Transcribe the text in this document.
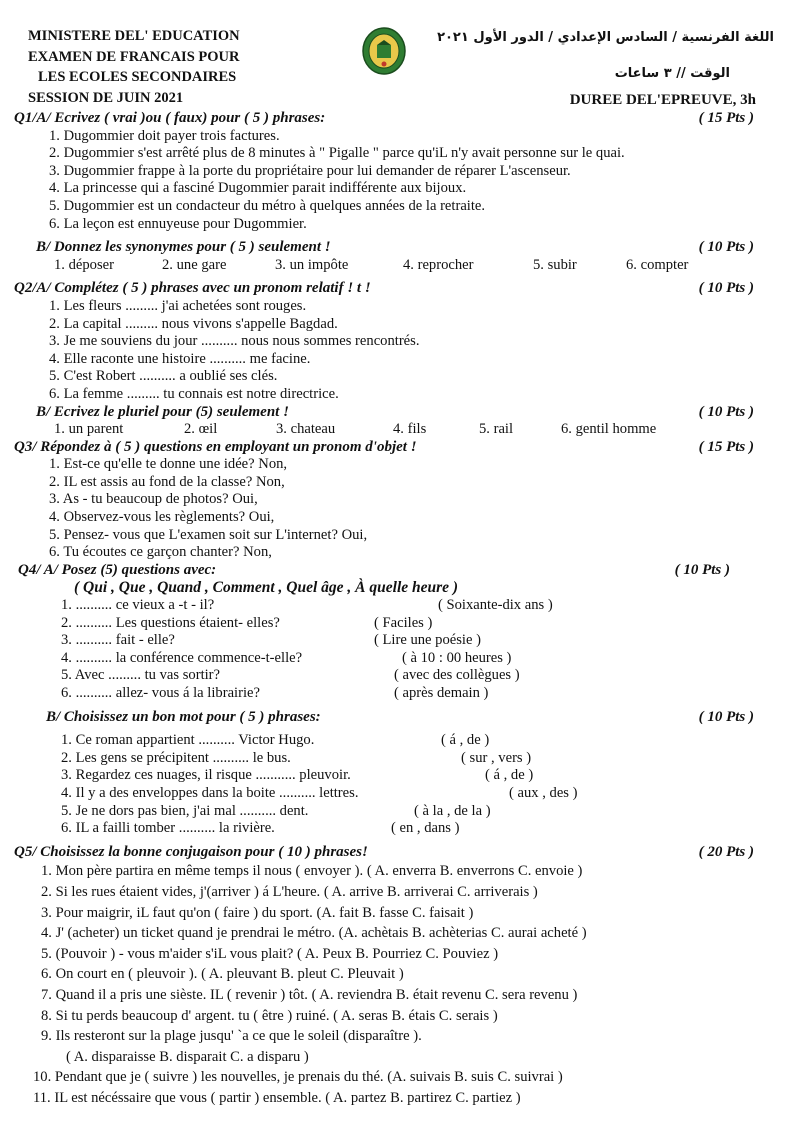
MINISTERE DEL' EDUCATION
EXAMEN DE FRANCAIS POUR
LES ECOLES SECONDAIRES
SESSION DE JUIN 2021
اللغة الفرنسية / السادس الإعدادي / الدور الأول ٢٠٢١
الوقت // ٣ ساعات
DUREE DEL'EPREUVE, 3h
Q1/A/ Ecrivez ( vrai )ou ( faux) pour ( 5 ) phrases:	( 15 Pts )
1. Dugommier doit payer trois factures.
2. Dugommier s'est arrêté plus de 8 minutes à " Pigalle " parce qu'iL n'y avait personne sur le quai.
3. Dugommier frappe à la porte du propriétaire pour lui demander de réparer L'ascenseur.
4. La princesse qui a fasciné Dugommier parait indifférente aux bijoux.
5. Dugommier est un condacteur du métro à quelques années de la retraite.
6. La leçon est ennuyeuse pour Dugommier.
B/ Donnez les synonymes pour ( 5 ) seulement !	( 10 Pts )
1. déposer	2. une gare	3. un impôte	4. reprocher	5. subir	6. compter
Q2/A/ Complétez ( 5 ) phrases avec un pronom relatif ! t !	( 10 Pts )
1. Les fleurs ......... j'ai achetées sont rouges.
2. La capital ......... nous vivons s'appelle Bagdad.
3. Je me souviens du jour .......... nous nous sommes rencontrés.
4. Elle raconte une histoire .......... me facine.
5. C'est Robert .......... a oublié ses clés.
6. La femme ......... tu connais est notre directrice.
B/ Ecrivez le pluriel pour (5) seulement !	( 10 Pts )
1. un parent	2. œil	3. chateau	4. fils	5. rail	6. gentil homme
Q3/ Répondez à ( 5 ) questions en employant un pronom d'objet !	( 15 Pts )
1. Est-ce qu'elle te donne une idée? Non,
2. IL est assis au fond de la classe? Non,
3. As - tu beaucoup de photos? Oui,
4. Observez-vous les règlements? Oui,
5. Pensez- vous que L'examen soit sur L'internet? Oui,
6. Tu écoutes ce garçon chanter? Non,
Q4/ A/ Posez (5) questions avec:	( 10 Pts )
( Qui , Que , Quand , Comment , Quel âge , À quelle heure )
1. .......... ce vieux a -t - il?	( Soixante-dix ans )
2. .......... Les questions étaient- elles?	( Faciles )
3. .......... fait - elle?	( Lire une poésie )
4. .......... la conférence commence-t-elle?	( à 10 : 00 heures )
5. Avec ......... tu vas sortir?	( avec des collègues )
6. .......... allez- vous á la librairie?	( après demain )
B/ Choisissez un bon mot pour ( 5 ) phrases:	( 10 Pts )
1. Ce roman appartient .......... Victor Hugo.	( á , de )
2. Les gens se précipitent .......... le bus.	( sur , vers )
3. Regardez ces nuages, il risque ........... pleuvoir.	( á , de )
4. Il y a des enveloppes dans la boite .......... lettres.	( aux , des )
5. Je ne dors pas bien, j'ai mal .......... dent.	( à la , de la )
6. IL a failli tomber .......... la rivière.	( en , dans )
Q5/ Choisissez la bonne conjugaison pour ( 10 ) phrases!	( 20 Pts )
1. Mon père partira en même temps il nous ( envoyer ). ( A. enverra B. enverrons C. envoie )
2. Si les rues étaient vides, j'(arriver ) á L'heure. ( A. arrive B. arriverai C. arriverais )
3. Pour maigrir, iL faut qu'on ( faire ) du sport. (A. fait B. fasse C. faisait )
4. J' (acheter) un ticket quand je prendrai le métro. (A. achètais B. achèterias C. aurai acheté )
5. (Pouvoir ) - vous m'aider s'iL vous plait? ( A. Peux B. Pourriez C. Pouviez )
6. On court en ( pleuvoir ). ( A. pleuvant B. pleut C. Pleuvait )
7. Quand il a pris une sièste. IL ( revenir ) tôt. ( A. reviendra B. était revenu C. sera revenu )
8. Si tu perds beaucoup d' argent. tu ( être ) ruiné. ( A. seras B. étais C. serais )
9. Ils resteront sur la plage jusqu' `a ce que le soleil (disparaître ).
( A. disparaisse B. disparait C. a disparu )
10. Pendant que je ( suivre ) les nouvelles, je prenais du thé. (A. suivais B. suis C. suivrai )
11. IL est nécéssaire que vous ( partir ) ensemble. ( A. partez B. partirez C. partiez )
